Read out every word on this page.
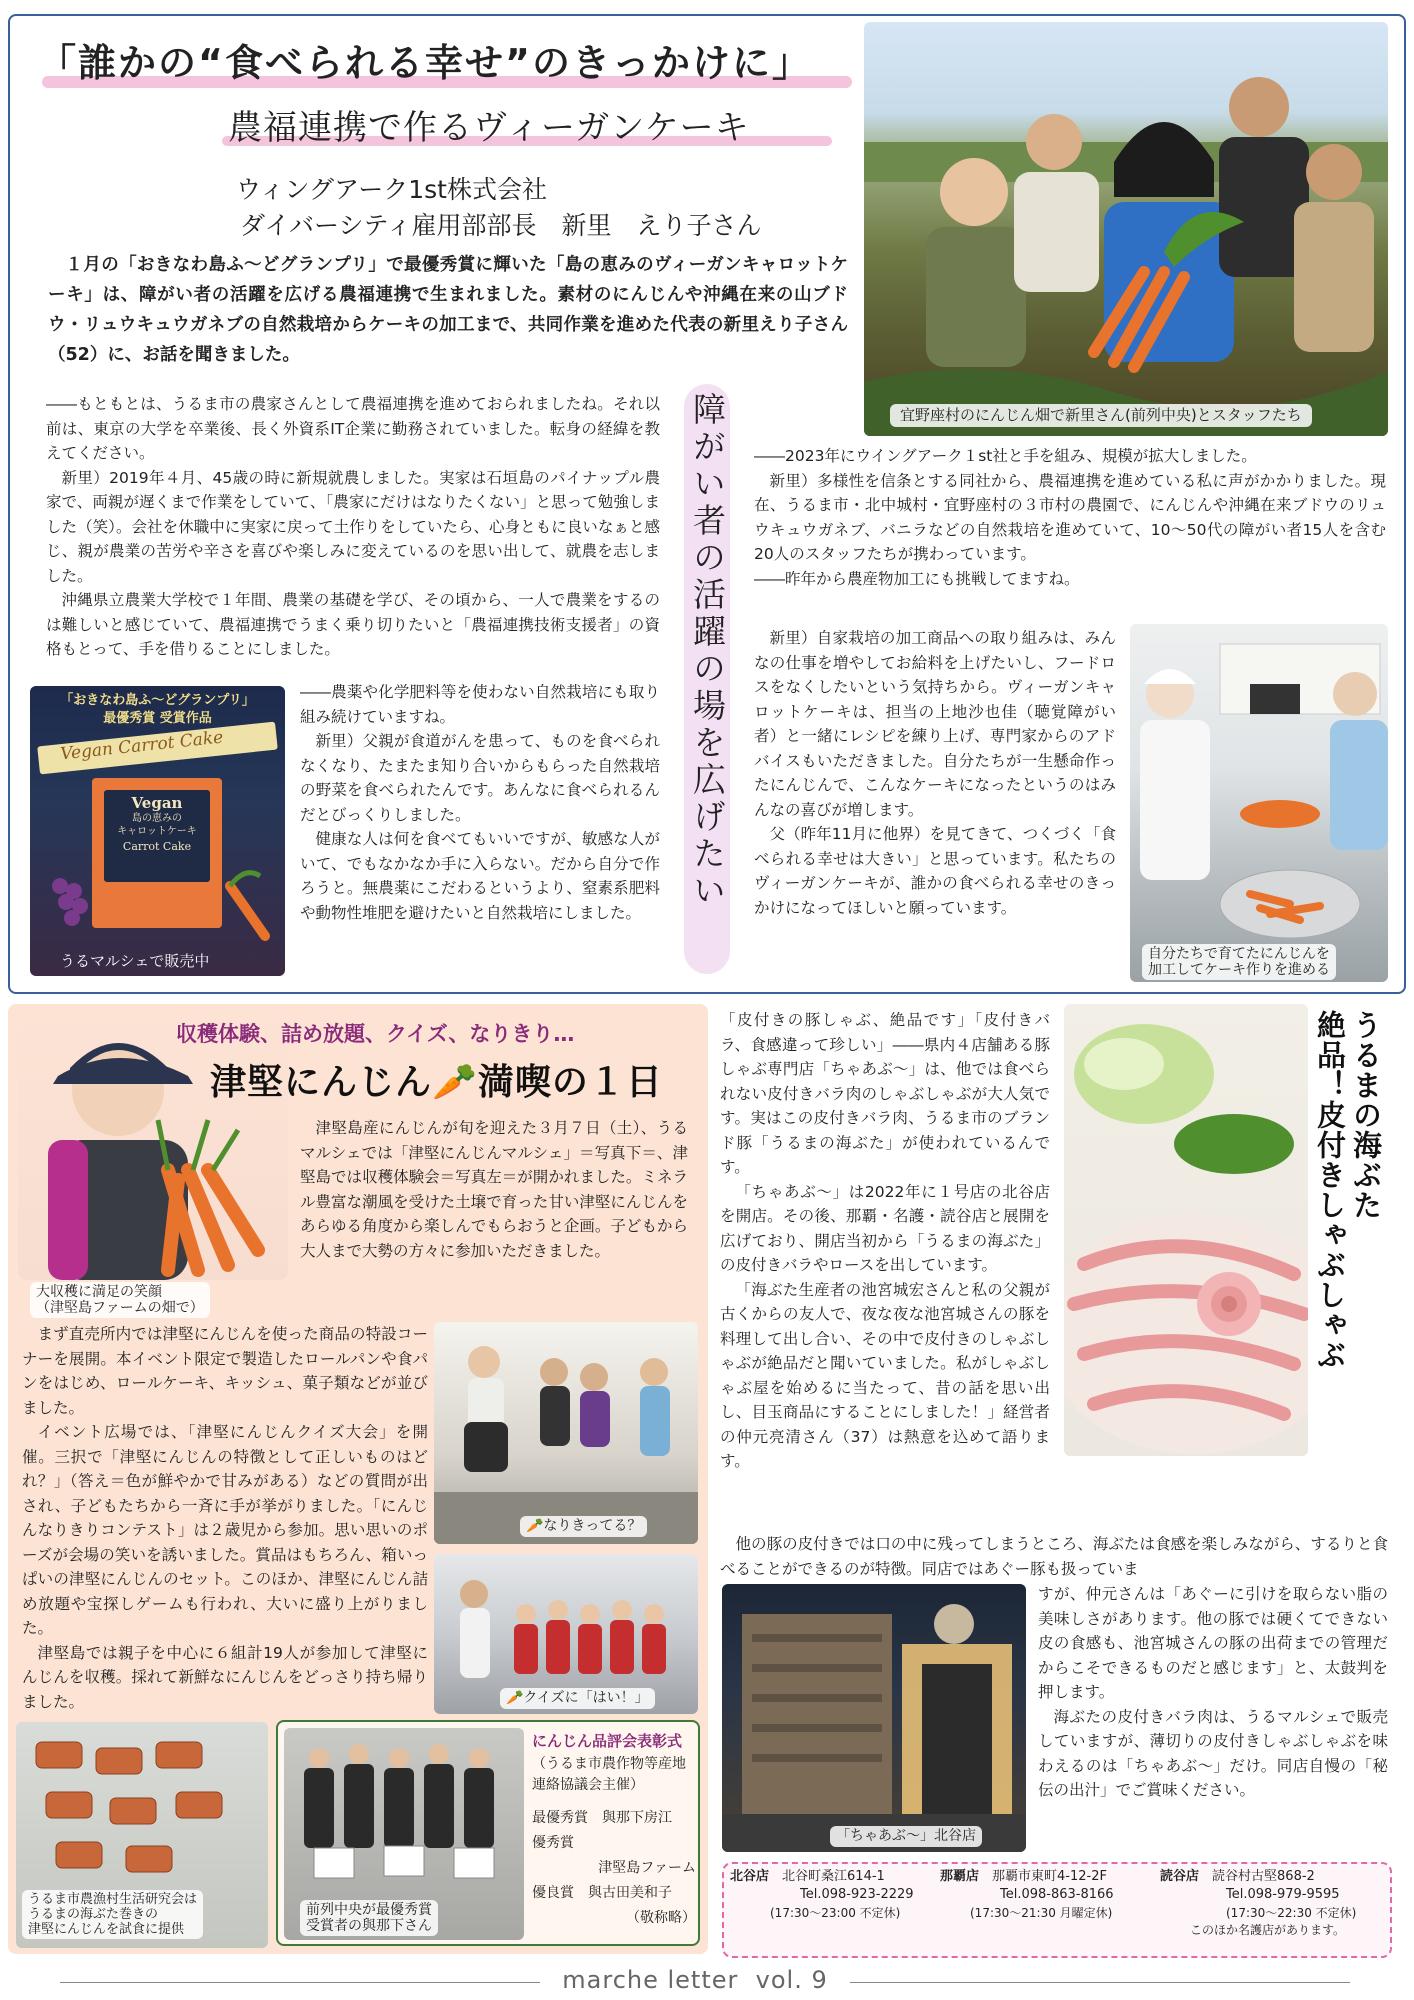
「誰かの“食べられる幸せ”のきっかけに」
農福連携で作るヴィーガンケーキ
ウィングアーク1st株式会社
ダイバーシティ雇用部部長　新里　えり子さん
１月の「おきなわ島ふ～どグランプリ」で最優秀賞に輝いた「島の恵みのヴィーガンキャロットケーキ」は、障がい者の活躍を広げる農福連携で生まれました。素材のにんじんや沖縄在来の山ブドウ・リュウキュウガネブの自然栽培からケーキの加工まで、共同作業を進めた代表の新里えり子さん（52）に、お話を聞きました。
宜野座村のにんじん畑で新里さん(前列中央)とスタッフたち

――もともとは、うるま市の農家さんとして農福連携を進めておられましたね。それ以前は、東京の大学を卒業後、長く外資系IT企業に勤務されていました。転身の経緯を教えてください。

新里）2019年４月、45歳の時に新規就農しました。実家は石垣島のパイナップル農家で、両親が遅くまで作業をしていて、「農家にだけはなりたくない」と思って勉強しました（笑）。会社を休職中に実家に戻って土作りをしていたら、心身ともに良いなぁと感じ、親が農業の苦労や辛さを喜びや楽しみに変えているのを思い出して、就農を志しました。

沖縄県立農業大学校で１年間、農業の基礎を学び、その頃から、一人で農業をするのは難しいと感じていて、農福連携でうまく乗り切りたいと「農福連携技術支援者」の資格もとって、手を借りることにしました。

「おきなわ島ふ～どグランプリ」
最優秀賞 受賞作品
Vegan Carrot Cake
Vegan
島の恵みの
キャロットケーキ
Carrot Cake
うるマルシェで販売中

――農薬や化学肥料等を使わない自然栽培にも取り組み続けていますね。

新里）父親が食道がんを患って、ものを食べられなくなり、たまたま知り合いからもらった自然栽培の野菜を食べられたんです。あんなに食べられるんだとびっくりしました。

健康な人は何を食べてもいいですが、敏感な人がいて、でもなかなか手に入らない。だから自分で作ろうと。無農薬にこだわるというより、窒素系肥料や動物性堆肥を避けたいと自然栽培にしました。

障がい者の活躍の場を広げたい ――2023年にウイングアーク１st社と手を組み、規模が拡大しました。

新里）多様性を信条とする同社から、農福連携を進めている私に声がかかりました。現在、うるま市・北中城村・宜野座村の３市村の農園で、にんじんや沖縄在来ブドウのリュウキュウガネブ、バニラなどの自然栽培を進めていて、10～50代の障がい者15人を含む20人のスタッフたちが携わっています。

――昨年から農産物加工にも挑戦してますね。

新里）自家栽培の加工商品への取り組みは、みんなの仕事を増やしてお給料を上げたいし、フードロスをなくしたいという気持ちから。ヴィーガンキャロットケーキは、担当の上地沙也佳（聴覚障がい者）と一緒にレシピを練り上げ、専門家からのアドバイスもいただきました。自分たちが一生懸命作ったにんじんで、こんなケーキになったというのはみんなの喜びが増します。

父（昨年11月に他界）を見てきて、つくづく「食べられる幸せは大きい」と思っています。私たちのヴィーガンケーキが、誰かの食べられる幸せのきっかけになってほしいと願っています。

自分たちで育てたにんじんを
加工してケーキ作りを進める
大収穫に満足の笑顔
（津堅島ファームの畑で）
収穫体験、詰め放題、クイズ、なりきり…
津堅にんじん🥕満喫の１日
津堅島産にんじんが旬を迎えた３月７日（土）、うるマルシェでは「津堅にんじんマルシェ」＝写真下＝、津堅島では収穫体験会＝写真左＝が開かれました。ミネラル豊富な潮風を受けた土壌で育った甘い津堅にんじんをあらゆる角度から楽しんでもらおうと企画。子どもから大人まで大勢の方々に参加いただきました。

まず直売所内では津堅にんじんを使った商品の特設コーナーを展開。本イベント限定で製造したロールパンや食パンをはじめ、ロールケーキ、キッシュ、菓子類などが並びました。

イベント広場では、「津堅にんじんクイズ大会」を開催。三択で「津堅にんじんの特徴として正しいものはどれ？」（答え＝色が鮮やかで甘みがある）などの質問が出され、子どもたちから一斉に手が挙がりました。「にんじんなりきりコンテスト」は２歳児から参加。思い思いのポーズが会場の笑いを誘いました。賞品はもちろん、箱いっぱいの津堅にんじんのセット。このほか、津堅にんじん詰め放題や宝探しゲームも行われ、大いに盛り上がりました。

津堅島では親子を中心に６組計19人が参加して津堅にんじんを収穫。採れて新鮮なにんじんをどっさり持ち帰りました。

🥕なりきってる？
🥕クイズに「はい！」
うるま市農漁村生活研究会は
うるまの海ぶた巻きの
津堅にんじんを試食に提供
前列中央が最優秀賞
受賞者の與那下さん
にんじん品評会表彰式
（うるま市農作物等産地連絡協議会主催）
最優秀賞　與那下房江
優秀賞
津堅島ファーム
優良賞　與古田美和子
（敬称略）

「皮付きの豚しゃぶ、絶品です」「皮付きバラ、食感違って珍しい」――県内４店舗ある豚しゃぶ専門店「ちゃあぶ～」は、他では食べられない皮付きバラ肉のしゃぶしゃぶが大人気です。実はこの皮付きバラ肉、うるま市のブランド豚「うるまの海ぶた」が使われているんです。

「ちゃあぶ～」は2022年に１号店の北谷店を開店。その後、那覇・名護・読谷店と展開を広げており、開店当初から「うるまの海ぶた」の皮付きバラやロースを出しています。

「海ぶた生産者の池宮城宏さんと私の父親が古くからの友人で、夜な夜な池宮城さんの豚を料理して出し合い、その中で皮付きのしゃぶしゃぶが絶品だと聞いていました。私がしゃぶしゃぶ屋を始めるに当たって、昔の話を思い出し、目玉商品にすることにしました！」経営者の仲元亮清さん（37）は熱意を込めて語ります。

うるまの海ぶた
絶品！皮付きしゃぶしゃぶ

他の豚の皮付きでは口の中に残ってしまうところ、海ぶたは食感を楽しみながら、するりと食べることができるのが特徴。同店ではあぐー豚も扱っていま

すが、仲元さんは「あぐーに引けを取らない脂の美味しさがあります。他の豚では硬くてできない皮の食感も、池宮城さんの豚の出荷までの管理だからこそできるものだと感じます」と、太鼓判を押します。

海ぶたの皮付きバラ肉は、うるマルシェで販売していますが、薄切りの皮付きしゃぶしゃぶを味わえるのは「ちゃあぶ～」だけ。同店自慢の「秘伝の出汁」でご賞味ください。

「ちゃあぶ～」北谷店
北谷店　 北谷町桑江614-1
Tel.098-923-2229
(17:30～23:00 不定休)
那覇店　 那覇市東町4-12-2F
Tel.098-863-8166
(17:30～21:30 月曜定休)
読谷店　 読谷村古堅868-2
Tel.098-979-9595
(17:30～22:30 不定休)
このほか名護店があります。
marche letter  vol. 9
